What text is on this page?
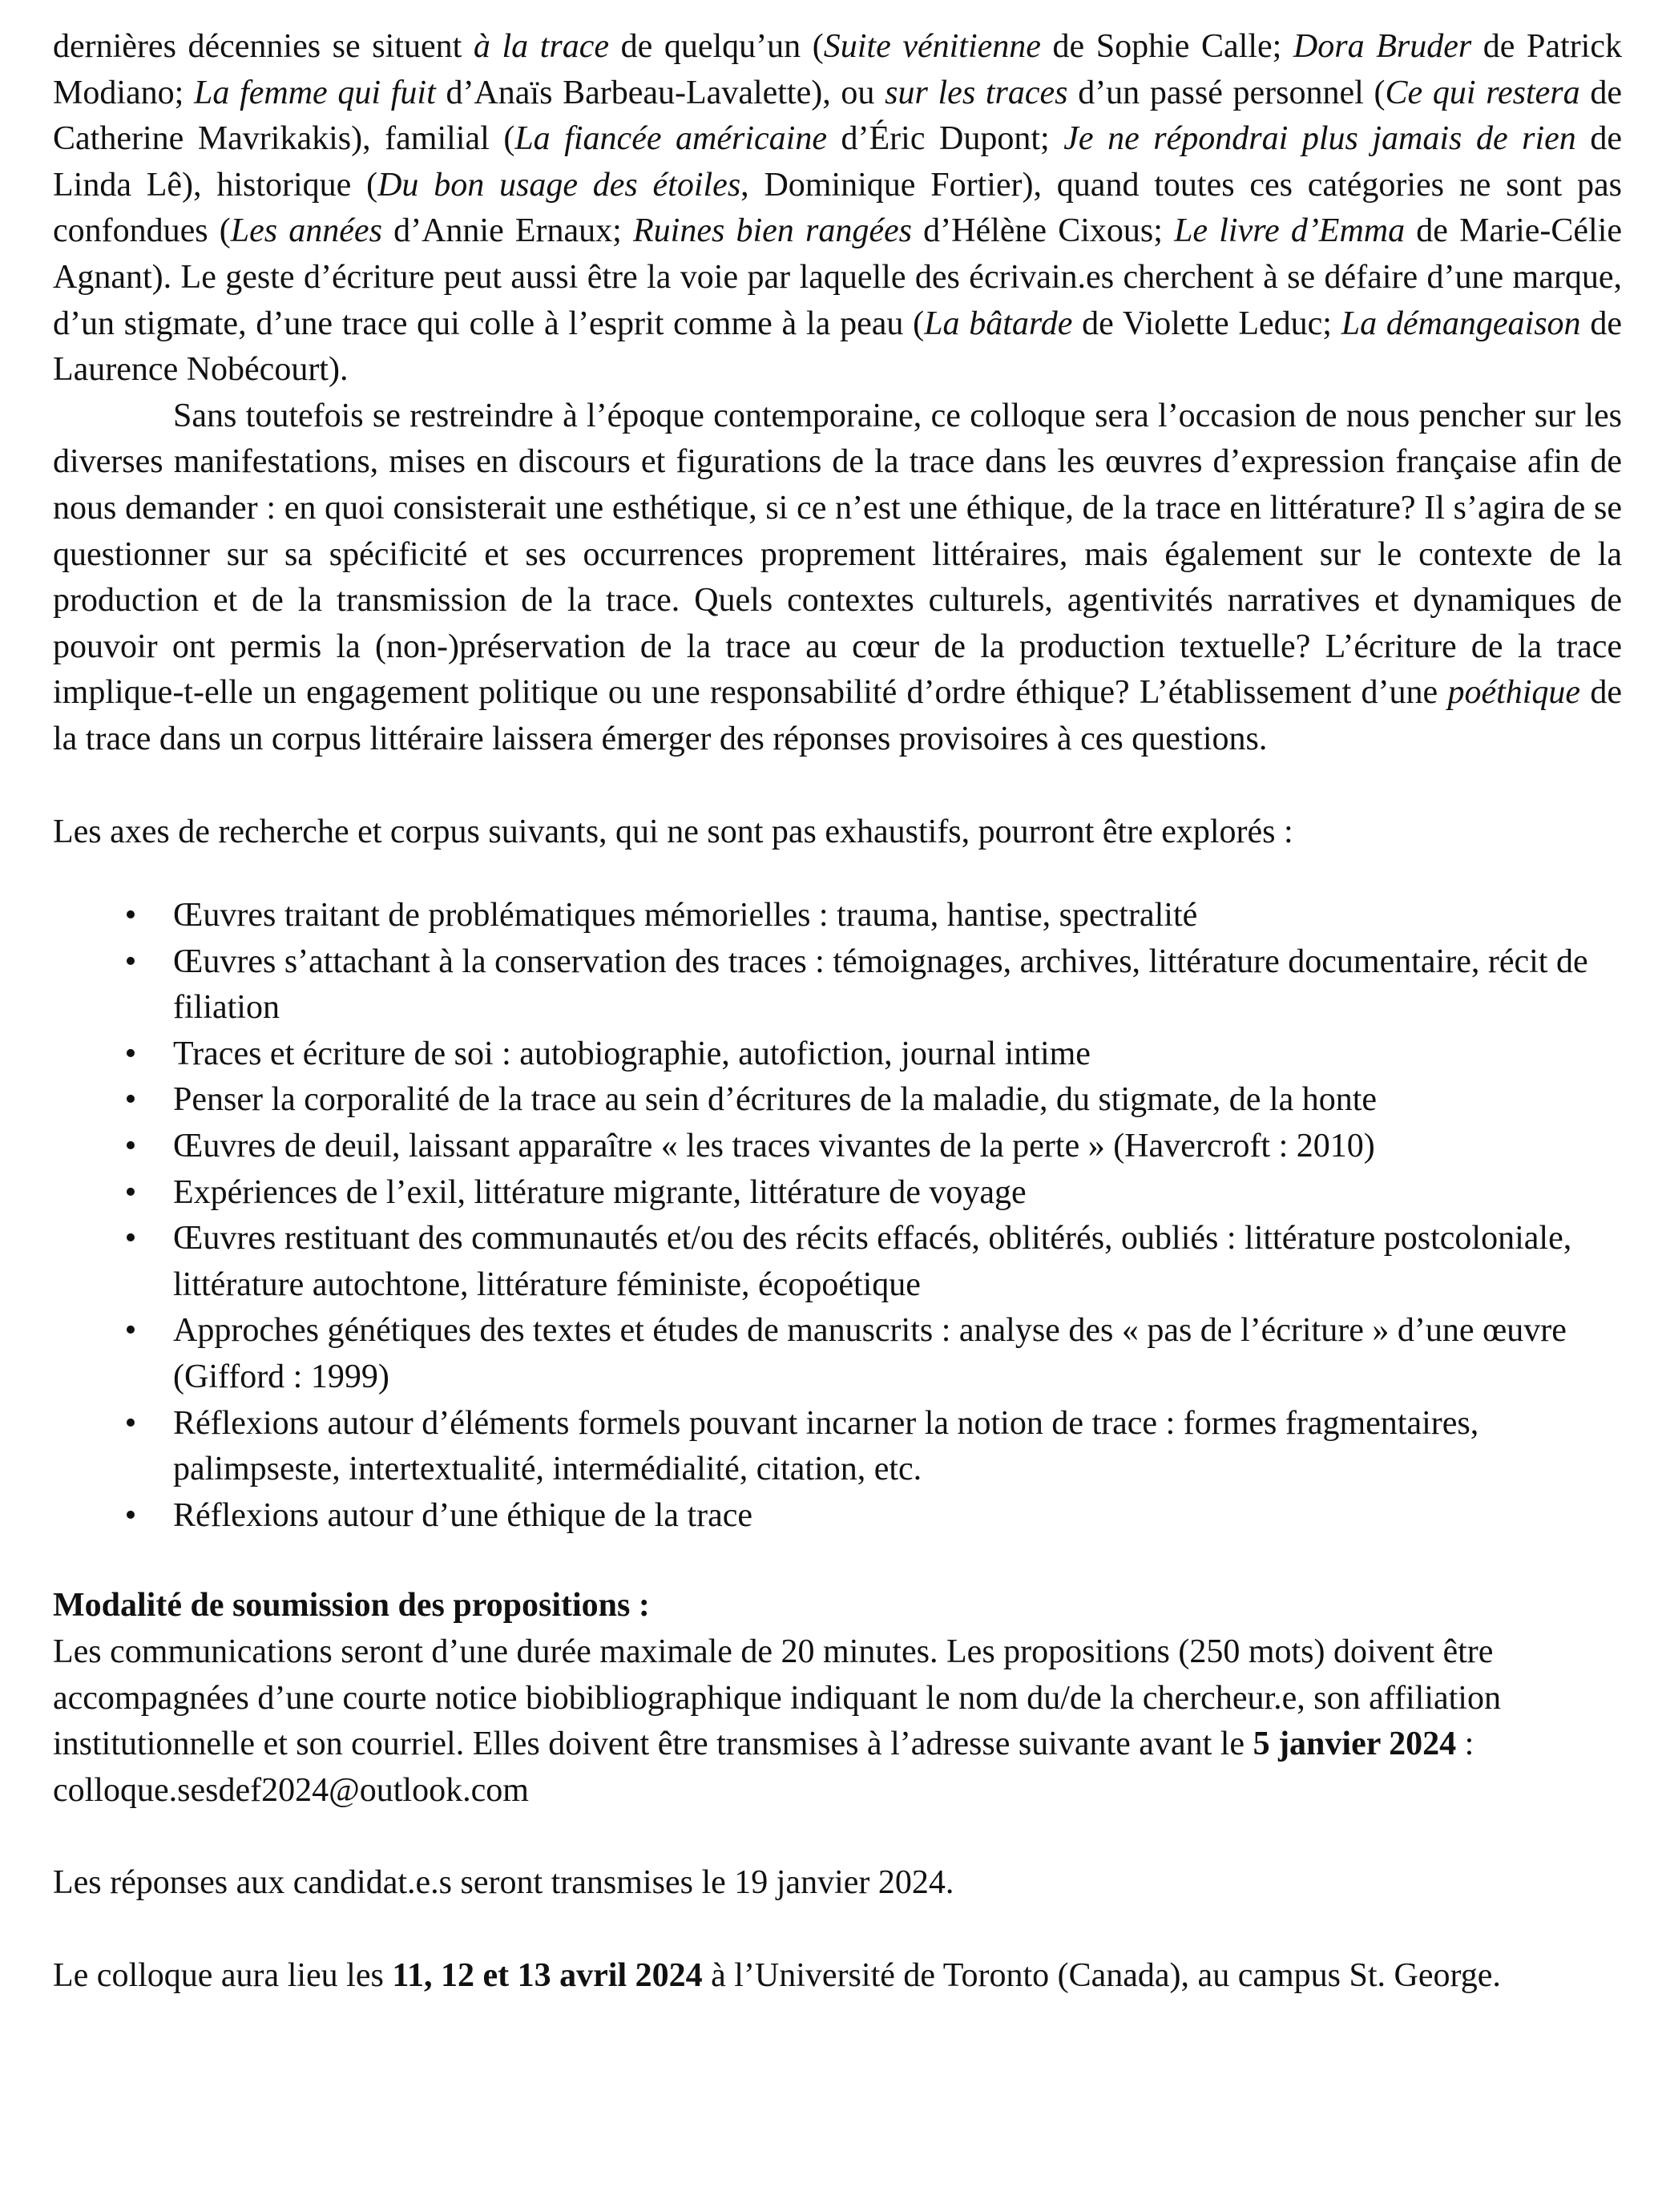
dernières décennies se situent à la trace de quelqu’un (Suite vénitienne de Sophie Calle; Dora Bruder de Patrick Modiano; La femme qui fuit d’Anaïs Barbeau-Lavalette), ou sur les traces d’un passé personnel (Ce qui restera de Catherine Mavrikakis), familial (La fiancée américaine d’Éric Dupont; Je ne répondrai plus jamais de rien de Linda Lê), historique (Du bon usage des étoiles, Dominique Fortier), quand toutes ces catégories ne sont pas confondues (Les années d’Annie Ernaux; Ruines bien rangées d’Hélène Cixous; Le livre d’Emma de Marie-Célie Agnant). Le geste d’écriture peut aussi être la voie par laquelle des écrivain.es cherchent à se défaire d’une marque, d’un stigmate, d’une trace qui colle à l’esprit comme à la peau (La bâtarde de Violette Leduc; La démangeaison de Laurence Nobécourt).

Sans toutefois se restreindre à l’époque contemporaine, ce colloque sera l’occasion de nous pencher sur les diverses manifestations, mises en discours et figurations de la trace dans les œuvres d’expression française afin de nous demander : en quoi consisterait une esthétique, si ce n’est une éthique, de la trace en littérature? Il s’agira de se questionner sur sa spécificité et ses occurrences proprement littéraires, mais également sur le contexte de la production et de la transmission de la trace. Quels contextes culturels, agentivités narratives et dynamiques de pouvoir ont permis la (non-)préservation de la trace au cœur de la production textuelle? L’écriture de la trace implique-t-elle un engagement politique ou une responsabilité d’ordre éthique? L’établissement d’une poéthique de la trace dans un corpus littéraire laissera émerger des réponses provisoires à ces questions.

Les axes de recherche et corpus suivants, qui ne sont pas exhaustifs, pourront être explorés :

• Œuvres traitant de problématiques mémorielles : trauma, hantise, spectralité
• Œuvres s’attachant à la conservation des traces : témoignages, archives, littérature documentaire, récit de filiation
• Traces et écriture de soi : autobiographie, autofiction, journal intime
• Penser la corporalité de la trace au sein d’écritures de la maladie, du stigmate, de la honte
• Œuvres de deuil, laissant apparaître « les traces vivantes de la perte » (Havercroft : 2010)
• Expériences de l’exil, littérature migrante, littérature de voyage
• Œuvres restituant des communautés et/ou des récits effacés, oblitérés, oubliés : littérature postcoloniale, littérature autochtone, littérature féministe, écopoétique
• Approches génétiques des textes et études de manuscrits : analyse des « pas de l’écriture » d’une œuvre (Gifford : 1999)
• Réflexions autour d’éléments formels pouvant incarner la notion de trace : formes fragmentaires, palimpseste, intertextualité, intermédialité, citation, etc.
• Réflexions autour d’une éthique de la trace

Modalité de soumission des propositions :

Les communications seront d’une durée maximale de 20 minutes. Les propositions (250 mots) doivent être accompagnées d’une courte notice biobibliographique indiquant le nom du/de la chercheur.e, son affiliation institutionnelle et son courriel. Elles doivent être transmises à l’adresse suivante avant le 5 janvier 2024 : colloque.sesdef2024@outlook.com

Les réponses aux candidat.e.s seront transmises le 19 janvier 2024.

Le colloque aura lieu les 11, 12 et 13 avril 2024 à l’Université de Toronto (Canada), au campus St. George.
